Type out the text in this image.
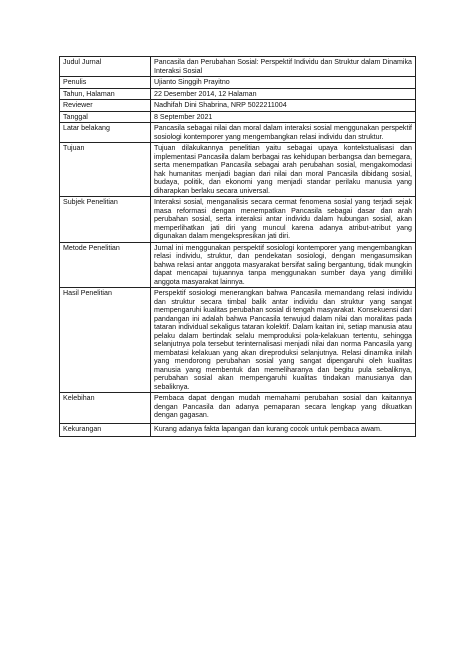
Judul Jurnal	Pancasila dan Perubahan Sosial: Perspektif Individu dan Struktur dalam Dinamika Interaksi Sosial
Penulis	Ujianto Singgih Prayitno
Tahun, Halaman	22 Desember 2014, 12 Halaman
Reviewer	Nadhifah Dini Shabrina, NRP 5022211004
Tanggal	8 September 2021
Latar belakang	Pancasila sebagai nilai dan moral dalam interaksi sosial menggunakan perspektif sosiologi kontemporer yang mengembangkan relasi individu dan struktur.
Tujuan	Tujuan dilakukannya penelitian yaitu sebagai upaya kontekstualisasi dan implementasi Pancasila dalam berbagai ras kehidupan berbangsa dan bernegara, serta menempatkan Pancasila sebagai arah perubahan sosial, mengakomodasi hak humanitas menjadi bagian dari nilai dan moral Pancasila dibidang sosial, budaya, politik, dan ekonomi yang menjadi standar perilaku manusia yang diharapkan berlaku secara universal.
Subjek Penelitian	Interaksi sosial, menganalisis secara cermat fenomena sosial yang terjadi sejak masa reformasi dengan menempatkan Pancasila sebagai dasar dan arah perubahan sosial, serta interaksi antar individu dalam hubungan sosial, akan memperlihatkan jati diri yang muncul karena adanya atribut-atribut yang digunakan dalam mengekspresikan jati diri.
Metode Penelitian	Jurnal ini menggunakan perspektif sosiologi kontemporer yang mengembangkan relasi individu, struktur, dan pendekatan sosiologi, dengan mengasumsikan bahwa relasi antar anggota masyarakat bersifat saling bergantung, tidak mungkin dapat mencapai tujuannya tanpa menggunakan sumber daya yang dimiliki anggota masyarakat lainnya.
Hasil Penelitian	Perspektif sosiologi menerangkan bahwa Pancasila memandang relasi individu dan struktur secara timbal balik antar individu dan struktur yang sangat mempengaruhi kualitas perubahan sosial di tengah masyarakat. Konsekuensi dari pandangan ini adalah bahwa Pancasila terwujud dalam nilai dan moralitas pada tataran individual sekaligus tataran kolektif. Dalam kaitan ini, setiap manusia atau pelaku dalam bertindak selalu memproduksi pola-kelakuan tertentu, sehingga selanjutnya pola tersebut terinternalisasi menjadi nilai dan norma Pancasila yang membatasi kelakuan yang akan direproduksi selanjutnya. Relasi dinamika inilah yang mendorong perubahan sosial yang sangat dipengaruhi oleh kualitas manusia yang membentuk dan memeliharanya dan begitu pula sebaliknya, perubahan sosial akan mempengaruhi kualitas tindakan manusianya dan sebaliknya.
Kelebihan	Pembaca dapat dengan mudah memahami perubahan sosial dan kaitannya dengan Pancasila dan adanya pemaparan secara lengkap yang dikuatkan dengan gagasan.
Kekurangan	Kurang adanya fakta lapangan dan kurang cocok untuk pembaca awam.
